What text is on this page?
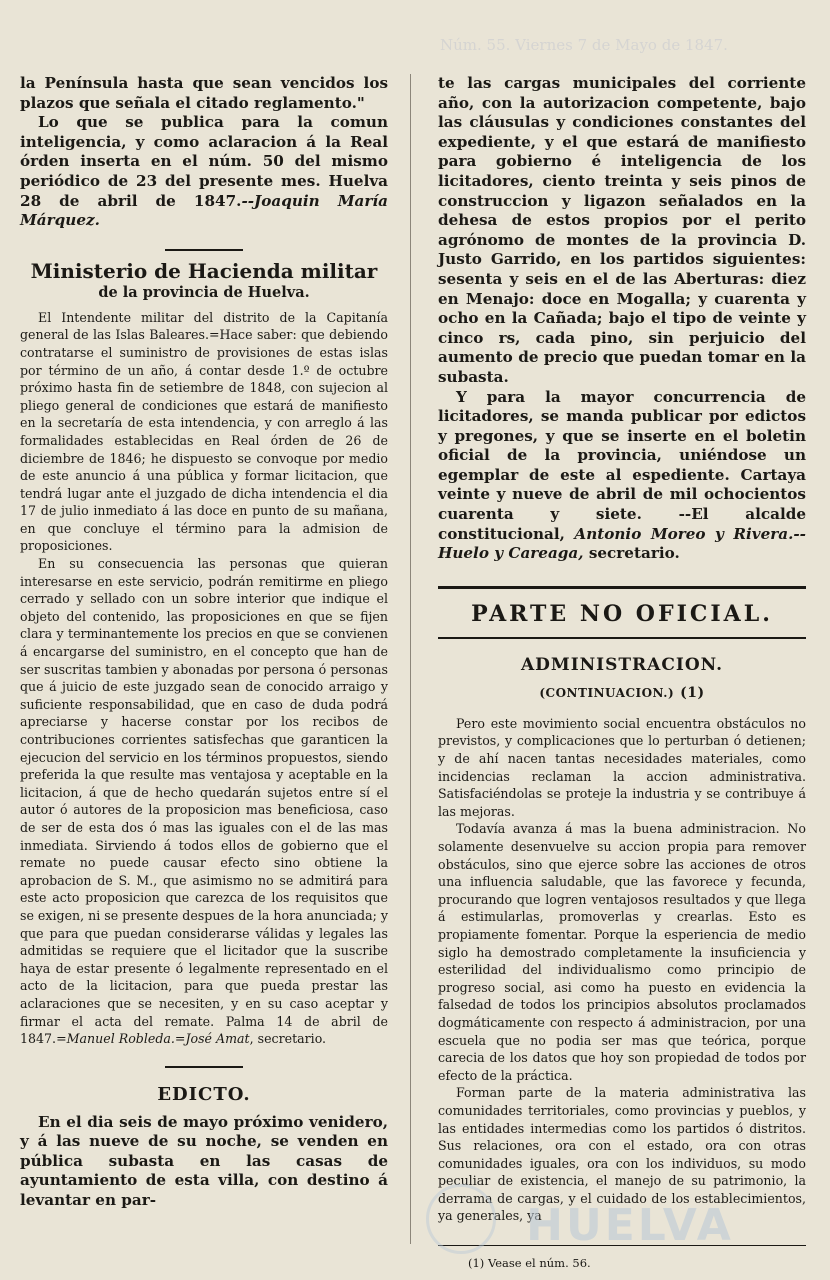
Núm. 55. Viernes 7 de Mayo de 1847.

la Península hasta que sean vencidos los plazos que señala el citado reglamento."

Lo que se publica para la comun inteligencia, y como aclaracion á la Real órden inserta en el núm. 50 del mismo periódico de 23 del presente mes. Huelva 28 de abril de 1847.--Joaquin María Márquez.

Ministerio de Hacienda militar
de la provincia de Huelva.

El Intendente militar del distrito de la Capitanía general de las Islas Baleares.=Hace saber: que debiendo contratarse el suministro de provisiones de estas islas por término de un año, á contar desde 1.º de octubre próximo hasta fin de setiembre de 1848, con sujecion al pliego general de condiciones que estará de manifiesto en la secretaría de esta intendencia, y con arreglo á las formalidades establecidas en Real órden de 26 de diciembre de 1846; he dispuesto se convoque por medio de este anuncio á una pública y formar licitacion, que tendrá lugar ante el juzgado de dicha intendencia el dia 17 de julio inmediato á las doce en punto de su mañana, en que concluye el término para la admision de proposiciones.

En su consecuencia las personas que quieran interesarse en este servicio, podrán remitirme en pliego cerrado y sellado con un sobre interior que indique el objeto del contenido, las proposiciones en que se fijen clara y terminantemente los precios en que se convienen á encargarse del suministro, en el concepto que han de ser suscritas tambien y abonadas por persona ó personas que á juicio de este juzgado sean de conocido arraigo y suficiente responsabilidad, que en caso de duda podrá apreciarse y hacerse constar por los recibos de contribuciones corrientes satisfechas que garanticen la ejecucion del servicio en los términos propuestos, siendo preferida la que resulte mas ventajosa y aceptable en la licitacion, á que de hecho quedarán sujetos entre sí el autor ó autores de la proposicion mas beneficiosa, caso de ser de esta dos ó mas las iguales con el de las mas inmediata. Sirviendo á todos ellos de gobierno que el remate no puede causar efecto sino obtiene la aprobacion de S. M., que asimismo no se admitirá para este acto proposicion que carezca de los requisitos que se exigen, ni se presente despues de la hora anunciada; y que para que puedan considerarse válidas y legales las admitidas se requiere que el licitador que la suscribe haya de estar presente ó legalmente representado en el acto de la licitacion, para que pueda prestar las aclaraciones que se necesiten, y en su caso aceptar y firmar el acta del remate. Palma 14 de abril de 1847.=Manuel Robleda.=José Amat, secretario.

EDICTO.

En el dia seis de mayo próximo venidero, y á las nueve de su noche, se venden en pública subasta en las casas de ayuntamiento de esta villa, con destino á levantar en par-

te las cargas municipales del corriente año, con la autorizacion competente, bajo las cláusulas y condiciones constantes del expediente, y el que estará de manifiesto para gobierno é inteligencia de los licitadores, ciento treinta y seis pinos de construccion y ligazon señalados en la dehesa de estos propios por el perito agrónomo de montes de la provincia D. Justo Garrido, en los partidos siguientes: sesenta y seis en el de las Aberturas: diez en Menajo: doce en Mogalla; y cuarenta y ocho en la Cañada; bajo el tipo de veinte y cinco rs, cada pino, sin perjuicio del aumento de precio que puedan tomar en la subasta.

Y para la mayor concurrencia de licitadores, se manda publicar por edictos y pregones, y que se inserte en el boletin oficial de la provincia, uniéndose un egemplar de este al espediente. Cartaya veinte y nueve de abril de mil ochocientos cuarenta y siete. --El alcalde constitucional, Antonio Moreo y Rivera.--Huelo y Careaga, secretario.

PARTE NO OFICIAL.
ADMINISTRACION.
(CONTINUACION.) (1)

Pero este movimiento social encuentra obstáculos no previstos, y complicaciones que lo perturban ó detienen; y de ahí nacen tantas necesidades materiales, como incidencias reclaman la accion administrativa. Satisfaciéndolas se proteje la industria y se contribuye á las mejoras.

Todavía avanza á mas la buena administracion. No solamente desenvuelve su accion propia para remover obstáculos, sino que ejerce sobre las acciones de otros una influencia saludable, que las favorece y fecunda, procurando que logren ventajosos resultados y que llega á estimularlas, promoverlas y crearlas. Esto es propiamente fomentar. Porque la esperiencia de medio siglo ha demostrado completamente la insuficiencia y esterilidad del individualismo como principio de progreso social, asi como ha puesto en evidencia la falsedad de todos los principios absolutos proclamados dogmáticamente con respecto á administracion, por una escuela que no podia ser mas que teórica, porque carecia de los datos que hoy son propiedad de todos por efecto de la práctica.

Forman parte de la materia administrativa las comunidades territoriales, como provincias y pueblos, y las entidades intermedias como los partidos ó distritos. Sus relaciones, ora con el estado, ora con otras comunidades iguales, ora con los individuos, su modo peculiar de existencia, el manejo de su patrimonio, la derrama de cargas, y el cuidado de los establecimientos, ya generales, ya

(1) Vease el núm. 56.
HUELVA
